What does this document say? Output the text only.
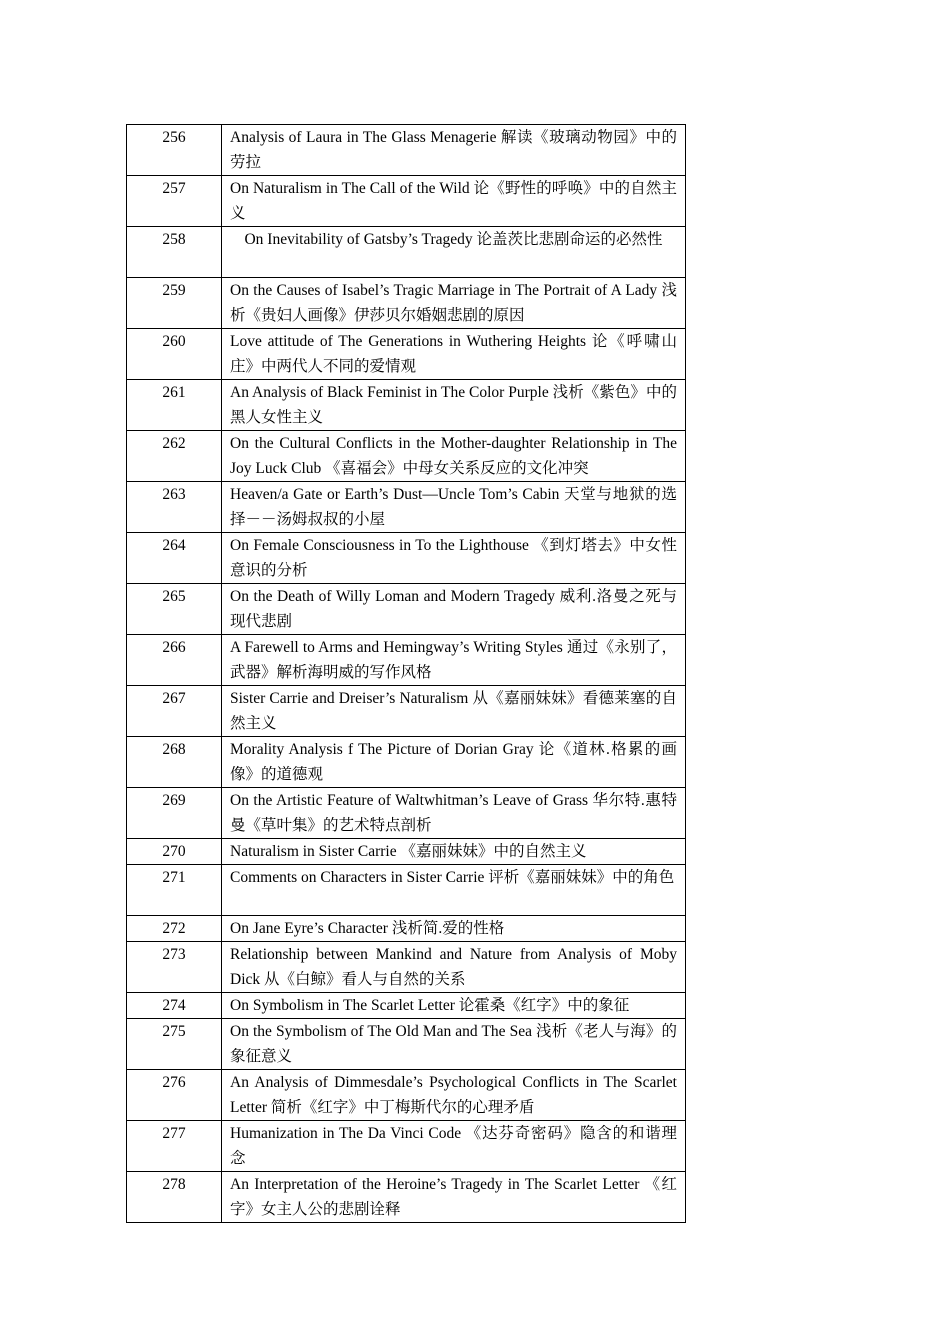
256	Analysis of Laura in The Glass Menagerie 解读《玻璃动物园》中的劳拉
257	On Naturalism in The Call of the Wild 论《野性的呼唤》中的自然主义
258	On Inevitability of Gatsby’s Tragedy 论盖茨比悲剧命运的必然性
259	On the Causes of Isabel’s Tragic Marriage in The Portrait of A Lady 浅析《贵妇人画像》伊莎贝尔婚姻悲剧的原因
260	Love attitude of The Generations in Wuthering Heights 论《呼啸山庄》中两代人不同的爱情观
261	An Analysis of Black Feminist in The Color Purple 浅析《紫色》中的黑人女性主义
262	On the Cultural Conflicts in the Mother-daughter Relationship in The Joy Luck Club 《喜福会》中母女关系反应的文化冲突
263	Heaven/a Gate or Earth’s Dust—Uncle Tom’s Cabin 天堂与地狱的选择－－汤姆叔叔的小屋
264	On Female Consciousness in To the Lighthouse 《到灯塔去》中女性意识的分析
265	On the Death of Willy Loman and Modern Tragedy 威利.洛曼之死与现代悲剧
266	A Farewell to Arms and Hemingway’s Writing Styles 通过《永别了，武器》解析海明威的写作风格
267	Sister Carrie and Dreiser’s Naturalism 从《嘉丽妹妹》看德莱塞的自然主义
268	Morality Analysis f The Picture of Dorian Gray 论《道林.格累的画像》的道德观
269	On the Artistic Feature of Waltwhitman’s Leave of Grass 华尔特.惠特曼《草叶集》的艺术特点剖析
270	Naturalism in Sister Carrie 《嘉丽妹妹》中的自然主义
271	Comments on Characters in Sister Carrie 评析《嘉丽妹妹》中的角色
272	On Jane Eyre’s Character 浅析简.爱的性格
273	Relationship between Mankind and Nature from Analysis of Moby Dick 从《白鲸》看人与自然的关系
274	On Symbolism in The Scarlet Letter 论霍桑《红字》中的象征
275	On the Symbolism of The Old Man and The Sea 浅析《老人与海》的象征意义
276	An Analysis of Dimmesdale’s Psychological Conflicts in The Scarlet Letter 简析《红字》中丁梅斯代尔的心理矛盾
277	Humanization in The Da Vinci Code 《达芬奇密码》隐含的和谐理念
278	An Interpretation of the Heroine’s Tragedy in The Scarlet Letter 《红字》女主人公的悲剧诠释
